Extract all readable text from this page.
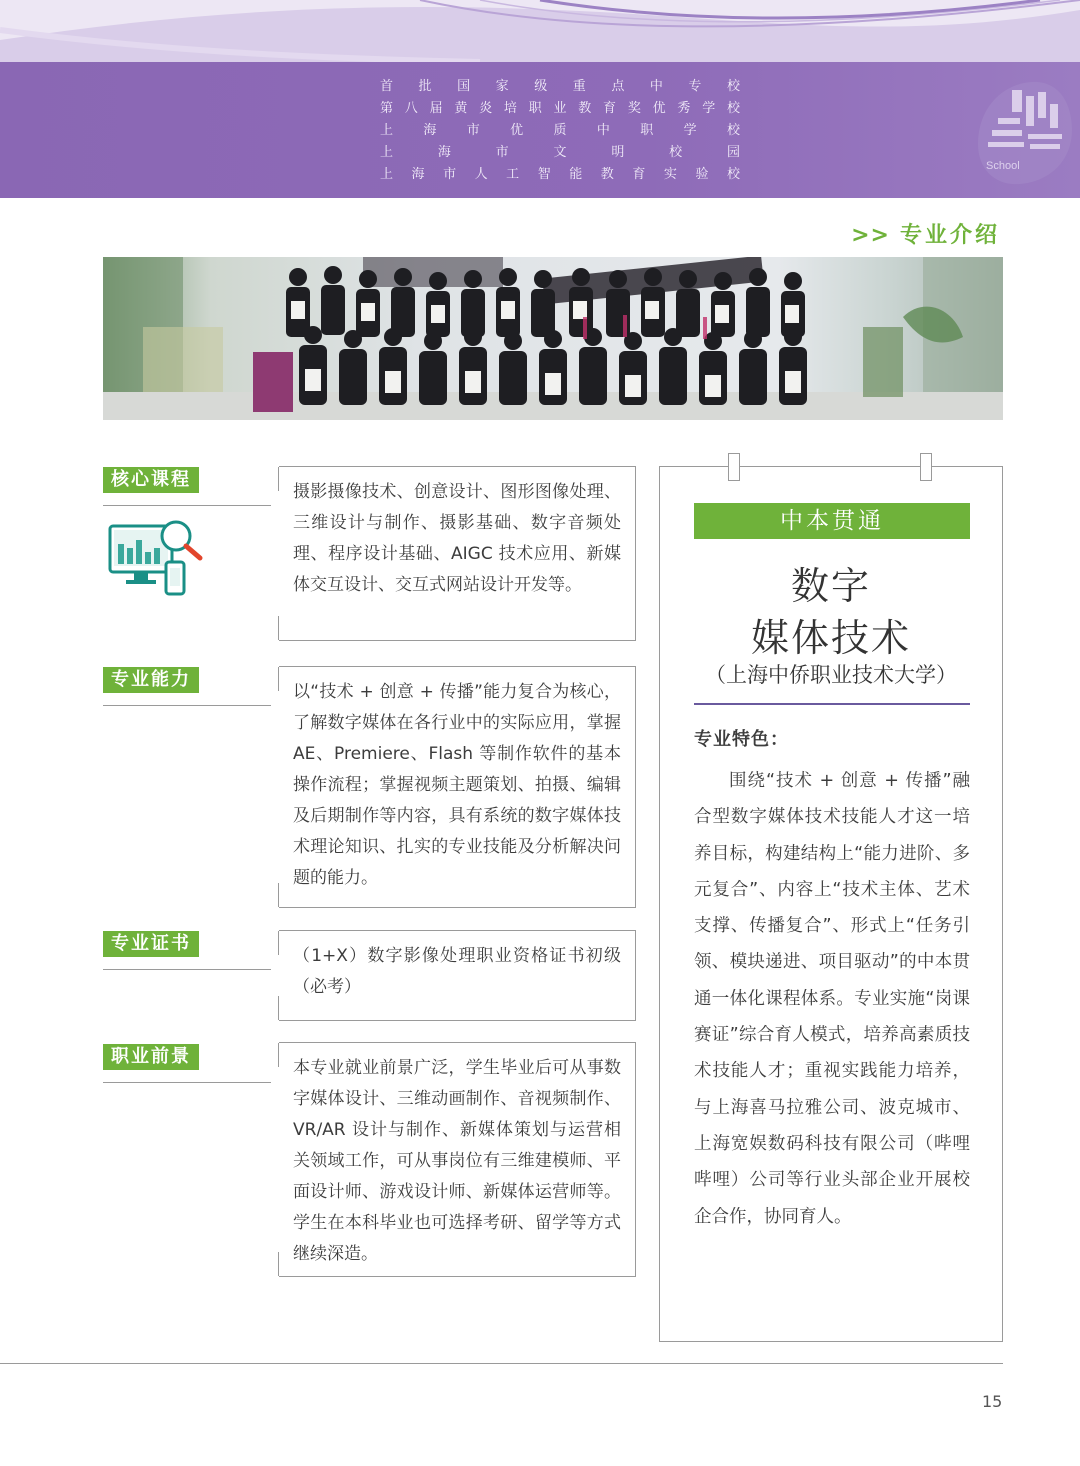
首批国家级重点中专校
第八届黄炎培职业教育奖优秀学校
上海市优质中职学校
上海市文明校园
上海市人工智能教育实验校
School
>> 专业介绍
核心课程
摄影摄像技术、创意设计、图形图像处理、三维设计与制作、摄影基础、数字音频处理、程序设计基础、AIGC 技术应用、新媒体交互设计、交互式网站设计开发等。
专业能力
以“技术 + 创意 + 传播”能力复合为核心，了解数字媒体在各行业中的实际应用，掌握 AE、Premiere、Flash 等制作软件的基本操作流程；掌握视频主题策划、拍摄、编辑及后期制作等内容，具有系统的数字媒体技术理论知识、扎实的专业技能及分析解决问题的能力。
专业证书
（1+X）数字影像处理职业资格证书初级（必考）
职业前景
本专业就业前景广泛，学生毕业后可从事数字媒体设计、三维动画制作、音视频制作、VR/AR 设计与制作、新媒体策划与运营相关领域工作，可从事岗位有三维建模师、平面设计师、游戏设计师、新媒体运营师等。学生在本科毕业也可选择考研、留学等方式继续深造。
中本贯通
数字
媒体技术
（上海中侨职业技术大学）
专业特色：
围绕“技术 + 创意 + 传播”融合型数字媒体技术技能人才这一培养目标，构建结构上“能力进阶、多元复合”、内容上“技术主体、艺术支撑、传播复合”、形式上“任务引领、模块递进、项目驱动”的中本贯通一体化课程体系。专业实施“岗课赛证”综合育人模式，培养高素质技术技能人才；重视实践能力培养，与上海喜马拉雅公司、波克城市、上海宽娱数码科技有限公司（哔哩哔哩）公司等行业头部企业开展校企合作，协同育人。
15
